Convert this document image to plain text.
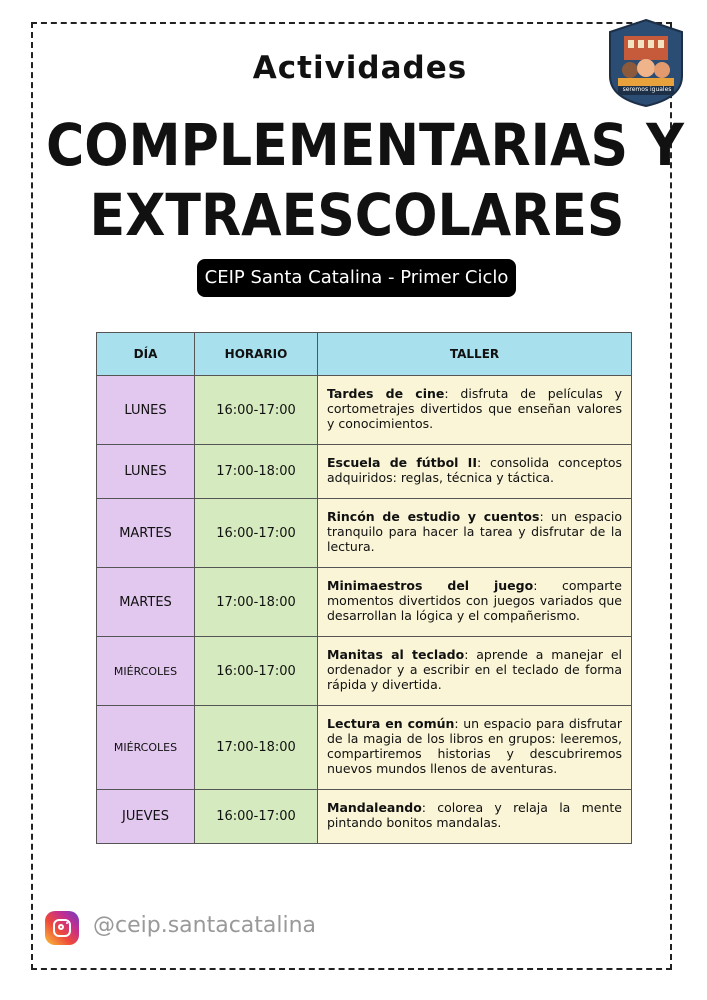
seremos iguales
Actividades
COMPLEMENTARIAS Y
EXTRAESCOLARES
CEIP Santa Catalina - Primer Ciclo
DÍA	HORARIO	TALLER
LUNES	16:00-17:00	Tardes de cine: disfruta de películas y cortometrajes divertidos que enseñan valores y conocimientos.
LUNES	17:00-18:00	Escuela de fútbol II: consolida conceptos adquiridos: reglas, técnica y táctica.
MARTES	16:00-17:00	Rincón de estudio y cuentos: un espacio tranquilo para hacer la tarea y disfrutar de la lectura.
MARTES	17:00-18:00	Minimaestros del juego: comparte momentos divertidos con juegos variados que desarrollan la lógica y el compañerismo.
MIÉRCOLES	16:00-17:00	Manitas al teclado: aprende a manejar el ordenador y a escribir en el teclado de forma rápida y divertida.
MIÉRCOLES	17:00-18:00	Lectura en común: un espacio para disfrutar de la magia de los libros en grupos: leeremos, compartiremos historias y descubriremos nuevos mundos llenos de aventuras.
JUEVES	16:00-17:00	Mandaleando: colorea y relaja la mente pintando bonitos mandalas.
@ceip.santacatalina
